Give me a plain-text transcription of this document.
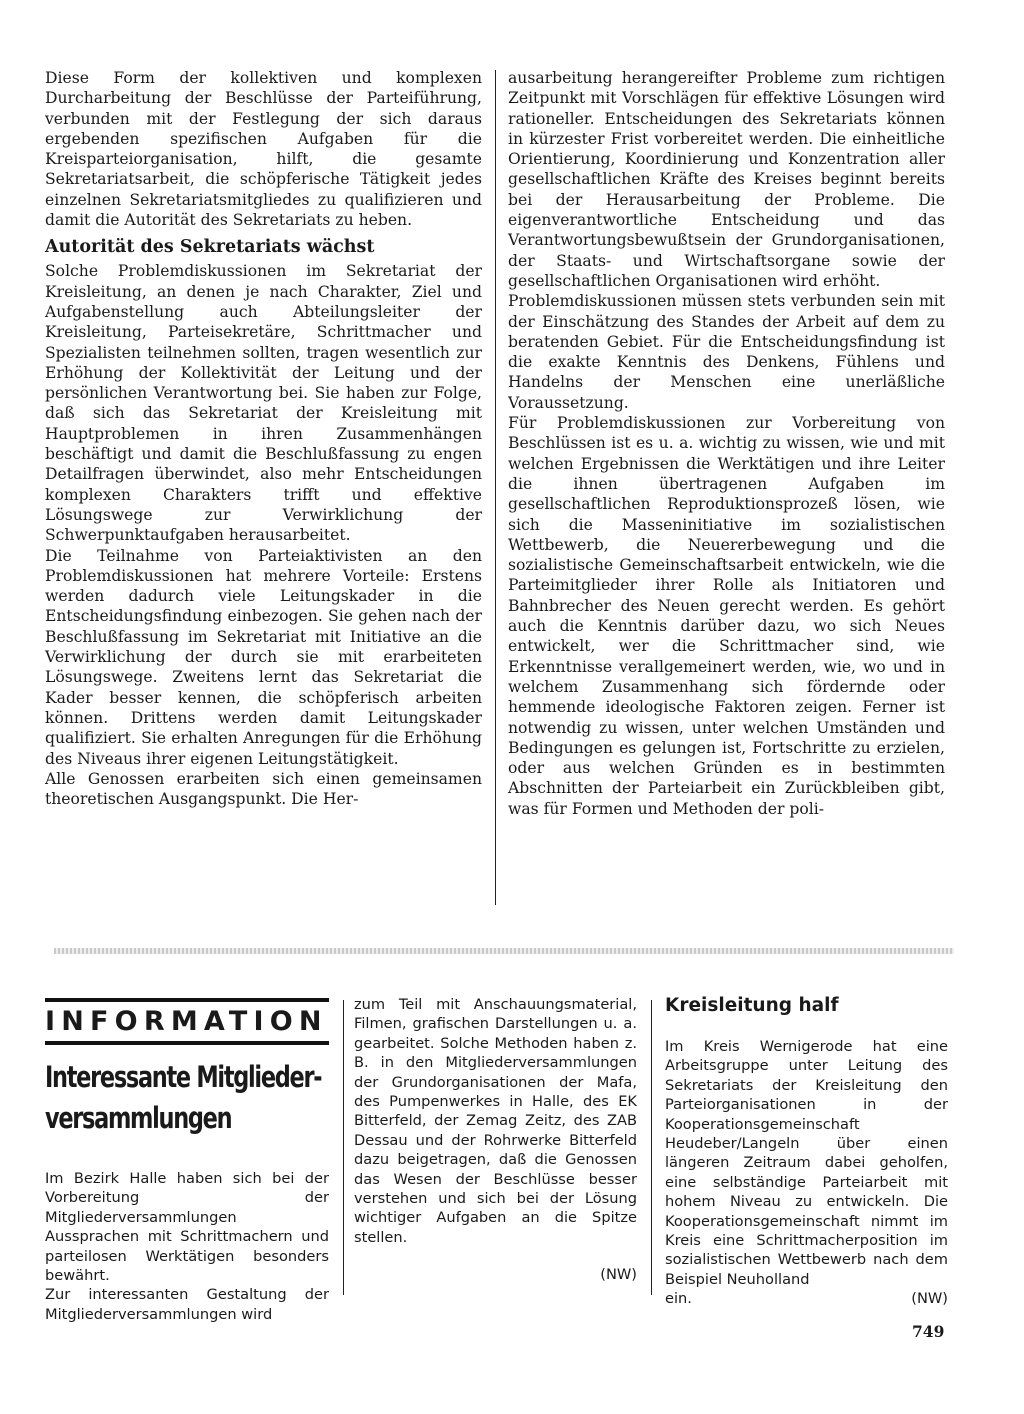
Diese Form der kollektiven und komplexen Durcharbeitung der Beschlüsse der Parteiführung, verbunden mit der Festlegung der sich daraus ergebenden spezifischen Aufgaben für die Kreisparteiorganisation, hilft, die gesamte Sekretariatsarbeit, die schöpferische Tätigkeit jedes einzelnen Sekretariatsmitgliedes zu qualifizieren und damit die Autorität des Sekretariats zu heben.

Autorität des Sekretariats wächst

Solche Problemdiskussionen im Sekretariat der Kreisleitung, an denen je nach Charakter, Ziel und Aufgabenstellung auch Abteilungsleiter der Kreisleitung, Parteisekretäre, Schrittmacher und Spezialisten teilnehmen sollten, tragen wesentlich zur Erhöhung der Kollektivität der Leitung und der persönlichen Verantwortung bei. Sie haben zur Folge, daß sich das Sekretariat der Kreisleitung mit Hauptproblemen in ihren Zusammenhängen beschäftigt und damit die Beschlußfassung zu engen Detailfragen überwindet, also mehr Entscheidungen komplexen Charakters trifft und effektive Lösungswege zur Verwirklichung der Schwerpunktaufgaben herausarbeitet.

Die Teilnahme von Parteiaktivisten an den Problemdiskussionen hat mehrere Vorteile: Erstens werden dadurch viele Leitungskader in die Entscheidungsfindung einbezogen. Sie gehen nach der Beschlußfassung im Sekretariat mit Initiative an die Verwirklichung der durch sie mit erarbeiteten Lösungswege. Zweitens lernt das Sekretariat die Kader besser kennen, die schöpferisch arbeiten können. Drittens werden damit Leitungskader qualifiziert. Sie erhalten Anregungen für die Erhöhung des Niveaus ihrer eigenen Leitungstätigkeit.

Alle Genossen erarbeiten sich einen gemeinsamen theoretischen Ausgangspunkt. Die Her-

ausarbeitung herangereifter Probleme zum richtigen Zeitpunkt mit Vorschlägen für effektive Lösungen wird rationeller. Entscheidungen des Sekretariats können in kürzester Frist vorbereitet werden. Die einheitliche Orientierung, Koordinierung und Konzentration aller gesellschaftlichen Kräfte des Kreises beginnt bereits bei der Herausarbeitung der Probleme. Die eigenverantwortliche Entscheidung und das Verantwortungsbewußtsein der Grundorganisationen, der Staats- und Wirtschaftsorgane sowie der gesellschaftlichen Organisationen wird erhöht.

Problemdiskussionen müssen stets verbunden sein mit der Einschätzung des Standes der Arbeit auf dem zu beratenden Gebiet. Für die Entscheidungsfindung ist die exakte Kenntnis des Denkens, Fühlens und Handelns der Menschen eine unerläßliche Voraussetzung.

Für Problemdiskussionen zur Vorbereitung von Beschlüssen ist es u. a. wichtig zu wissen, wie und mit welchen Ergebnissen die Werktätigen und ihre Leiter die ihnen übertragenen Aufgaben im gesellschaftlichen Reproduktionsprozeß lösen, wie sich die Masseninitiative im sozialistischen Wettbewerb, die Neuererbewegung und die sozialistische Gemeinschaftsarbeit entwickeln, wie die Parteimitglieder ihrer Rolle als Initiatoren und Bahnbrecher des Neuen gerecht werden. Es gehört auch die Kenntnis darüber dazu, wo sich Neues entwickelt, wer die Schrittmacher sind, wie Erkenntnisse verallgemeinert werden, wie, wo und in welchem Zusammenhang sich fördernde oder hemmende ideologische Faktoren zeigen. Ferner ist notwendig zu wissen, unter welchen Umständen und Bedingungen es gelungen ist, Fortschritte zu erzielen, oder aus welchen Gründen es in bestimmten Abschnitten der Parteiarbeit ein Zurückbleiben gibt, was für Formen und Methoden der poli-

INFORMATION
Interessante Mitglieder-
versammlungen

Im Bezirk Halle haben sich bei der Vorbereitung der Mitgliederversammlungen Aussprachen mit Schrittmachern und parteilosen Werktätigen besonders bewährt.

Zur interessanten Gestaltung der Mitgliederversammlungen wird

zum Teil mit Anschauungsmaterial, Filmen, grafischen Darstellungen u. a. gearbeitet. Solche Methoden haben z. B. in den Mitgliederversammlungen der Grundorganisationen der Mafa, des Pumpenwerkes in Halle, des EK Bitterfeld, der Zemag Zeitz, des ZAB Dessau und der Rohrwerke Bitterfeld dazu beigetragen, daß die Genossen das Wesen der Beschlüsse besser verstehen und sich bei der Lösung wichtiger Aufgaben an die Spitze stellen.

(NW)

Kreisleitung half

Im Kreis Wernigerode hat eine Arbeitsgruppe unter Leitung des Sekretariats der Kreisleitung den Parteiorganisationen in der Kooperationsgemeinschaft Heudeber/Langeln über einen längeren Zeitraum dabei geholfen, eine selbständige Parteiarbeit mit hohem Niveau zu entwickeln. Die Kooperationsgemeinschaft nimmt im Kreis eine Schrittmacherposition im sozialistischen Wettbewerb nach dem Beispiel Neuholland

ein.	(NW)
749
